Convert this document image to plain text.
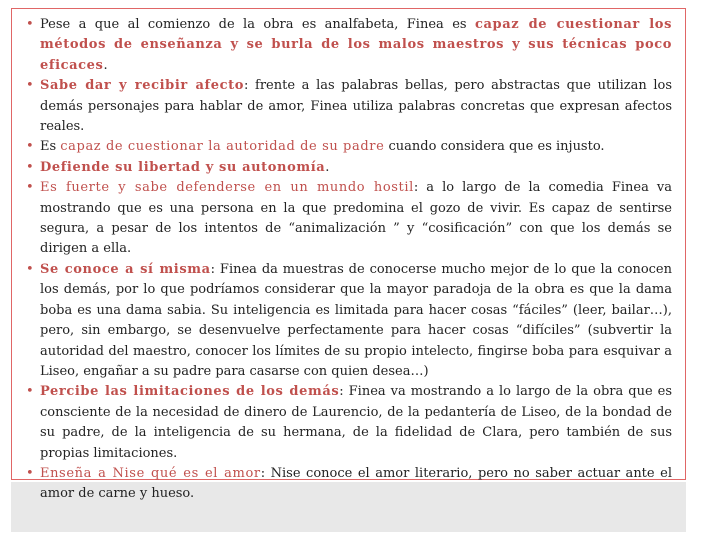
• Pese a que al comienzo de la obra es analfabeta, Finea es capaz de cuestionar los métodos de enseñanza y se burla de los malos maestros y sus técnicas poco eficaces.
• Sabe dar y recibir afecto: frente a las palabras bellas, pero abstractas que utilizan los demás personajes para hablar de amor, Finea utiliza palabras concretas que expresan afectos reales.
• Es capaz de cuestionar la autoridad de su padre cuando considera que es injusto.
• Defiende su libertad y su autonomía.
• Es fuerte y sabe defenderse en un mundo hostil: a lo largo de la comedia Finea va mostrando que es una persona en la que predomina el gozo de vivir. Es capaz de sentirse segura, a pesar de los intentos de “animalización ” y “cosificación” con que los demás se dirigen a ella.
• Se conoce a sí misma: Finea da muestras de conocerse mucho mejor de lo que la conocen los demás, por lo que podríamos considerar que la mayor paradoja de la obra es que la dama boba es una dama sabia. Su inteligencia es limitada para hacer cosas “fáciles” (leer, bailar…), pero, sin embargo, se desenvuelve perfectamente para hacer cosas “difíciles” (subvertir la autoridad del maestro, conocer los límites de su propio intelecto, fingirse boba para esquivar a Liseo, engañar a su padre para casarse con quien desea…)
• Percibe las limitaciones de los demás: Finea va mostrando a lo largo de la obra que es consciente de la necesidad de dinero de Laurencio, de la pedantería de Liseo, de la bondad de su padre, de la inteligencia de su hermana, de la fidelidad de Clara, pero también de sus propias limitaciones.
• Enseña a Nise qué es el amor: Nise conoce el amor literario, pero no saber actuar ante el amor de carne y hueso.
